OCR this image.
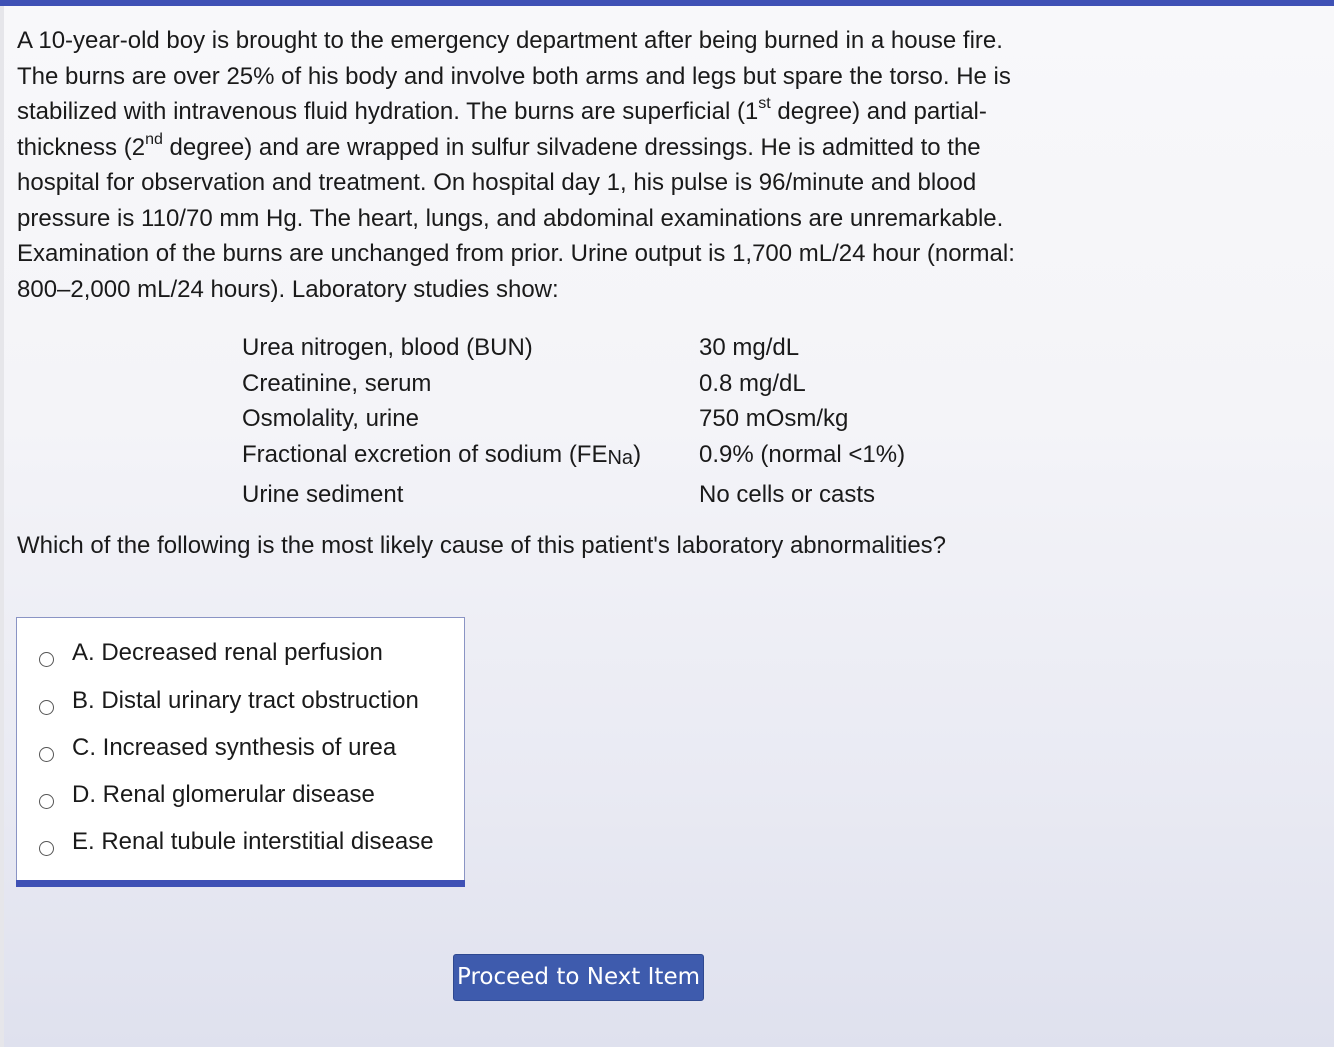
A 10-year-old boy is brought to the emergency department after being burned in a house fire. The burns are over 25% of his body and involve both arms and legs but spare the torso. He is stabilized with intravenous fluid hydration. The burns are superficial (1st degree) and partial-thickness (2nd degree) and are wrapped in sulfur silvadene dressings. He is admitted to the hospital for observation and treatment. On hospital day 1, his pulse is 96/minute and blood pressure is 110/70 mm Hg. The heart, lungs, and abdominal examinations are unremarkable. Examination of the burns are unchanged from prior. Urine output is 1,700 mL/24 hour (normal: 800–2,000 mL/24 hours). Laboratory studies show:

Urea nitrogen, blood (BUN)	30 mg/dL
Creatinine, serum	0.8 mg/dL
Osmolality, urine	750 mOsm/kg
Fractional excretion of sodium $(FE_{Na})$ 0.9% (normal <1%)
Urine sediment	No cells or casts

Which of the following is the most likely cause of this patient's laboratory abnormalities?

A. Decreased renal perfusion
B. Distal urinary tract obstruction
C. Increased synthesis of urea
D. Renal glomerular disease
E. Renal tubule interstitial disease
Proceed to Next Item
